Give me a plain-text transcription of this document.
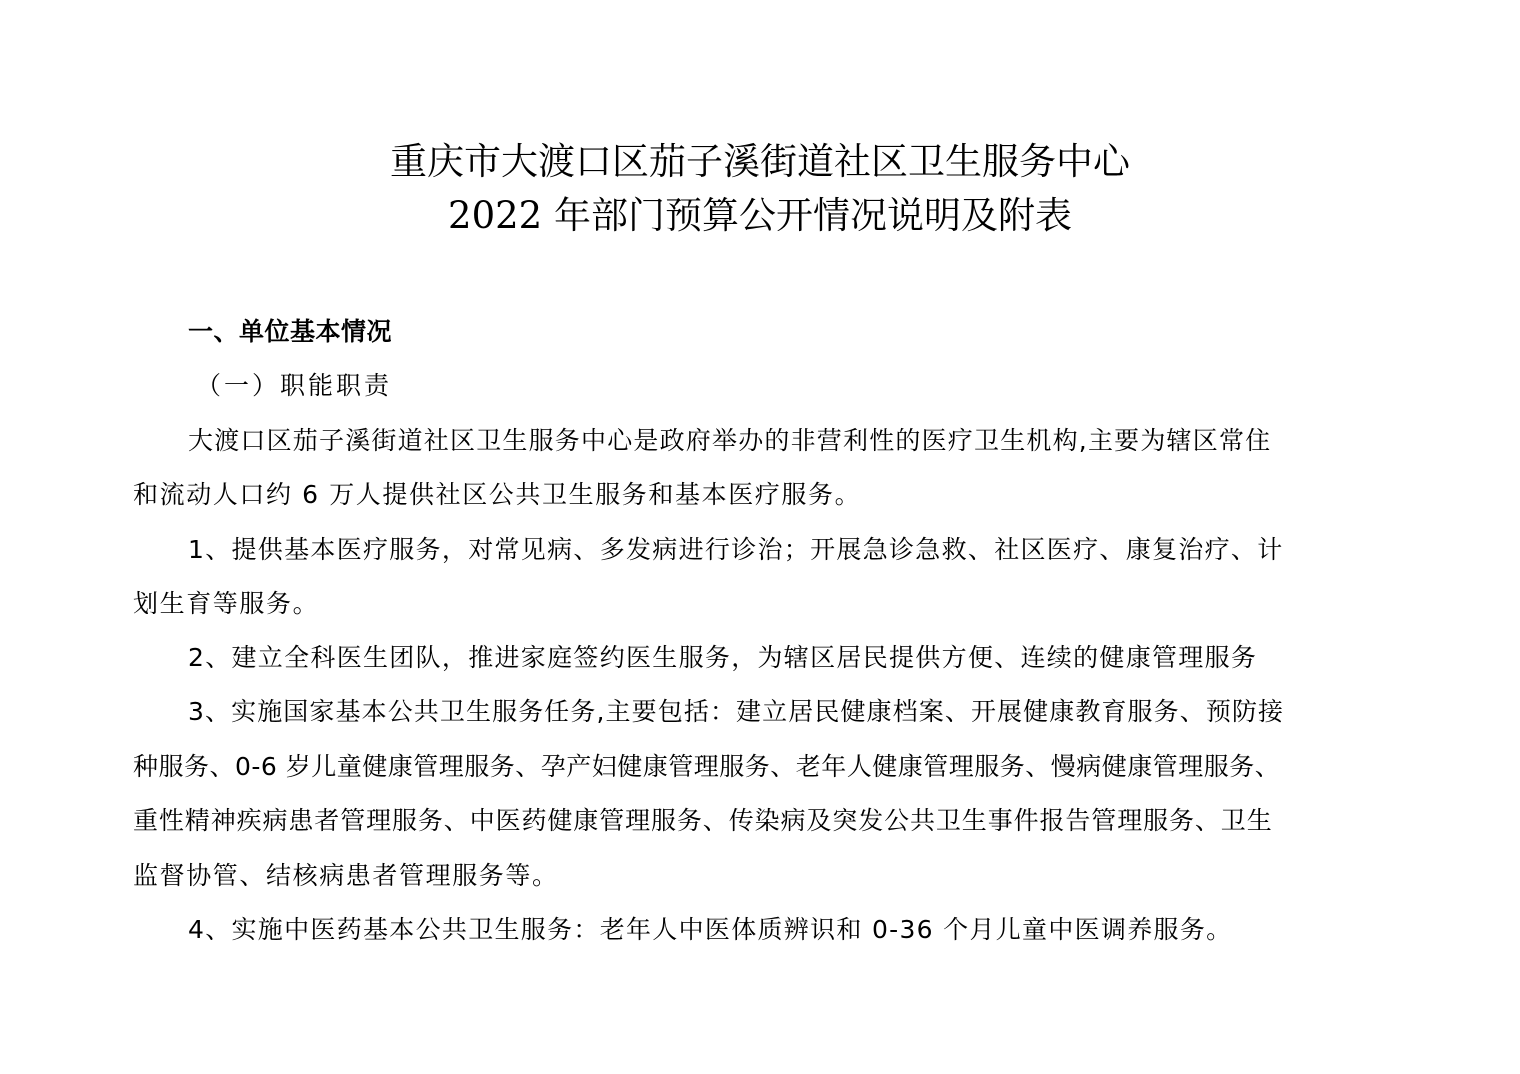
重庆市大渡口区茄子溪街道社区卫生服务中心
2022 年部门预算公开情况说明及附表
一、单位基本情况
（一）职能职责
大渡口区茄子溪街道社区卫生服务中心是政府举办的非营利性的医疗卫生机构,主要为辖区常住
和流动人口约 6 万人提供社区公共卫生服务和基本医疗服务。
1、提供基本医疗服务，对常见病、多发病进行诊治；开展急诊急救、社区医疗、康复治疗、计
划生育等服务。
2、建立全科医生团队，推进家庭签约医生服务，为辖区居民提供方便、连续的健康管理服务
3、实施国家基本公共卫生服务任务,主要包括：建立居民健康档案、开展健康教育服务、预防接
种服务、0-6 岁儿童健康管理服务、孕产妇健康管理服务、老年人健康管理服务、慢病健康管理服务、
重性精神疾病患者管理服务、中医药健康管理服务、传染病及突发公共卫生事件报告管理服务、卫生
监督协管、结核病患者管理服务等。
4、实施中医药基本公共卫生服务：老年人中医体质辨识和 0-36 个月儿童中医调养服务。
